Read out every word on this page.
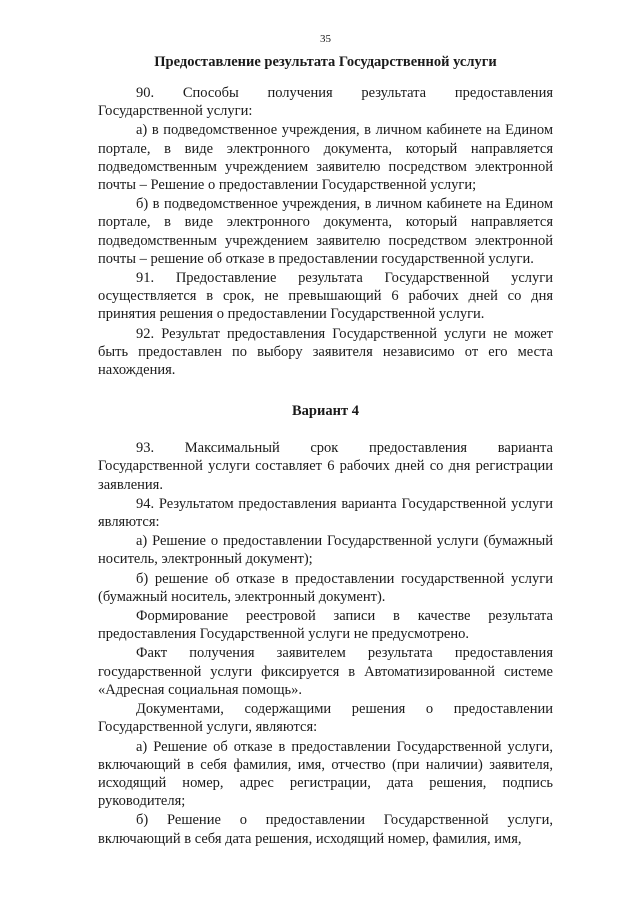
35
Предоставление результата Государственной услуги

90. Способы получения результата предоставления Государственной услуги:

а) в подведомственное учреждения, в личном кабинете на Едином портале, в виде электронного документа, который направляется подведомственным учреждением заявителю посредством электронной почты – Решение о предоставлении Государственной услуги;

б) в подведомственное учреждения, в личном кабинете на Едином портале, в виде электронного документа, который направляется подведомственным учреждением заявителю посредством электронной почты – решение об отказе в предоставлении государственной услуги.

91. Предоставление результата Государственной услуги осуществляется в срок, не превышающий 6 рабочих дней со дня принятия решения о предоставлении Государственной услуги.

92. Результат предоставления Государственной услуги не может быть предоставлен по выбору заявителя независимо от его места нахождения.

Вариант 4

93. Максимальный срок предоставления варианта Государственной услуги составляет 6 рабочих дней со дня регистрации заявления.

94. Результатом предоставления варианта Государственной услуги являются:

а) Решение о предоставлении Государственной услуги (бумажный носитель, электронный документ);

б) решение об отказе в предоставлении государственной услуги (бумажный носитель, электронный документ).

Формирование реестровой записи в качестве результата предоставления Государственной услуги не предусмотрено.

Факт получения заявителем результата предоставления государственной услуги фиксируется в Автоматизированной системе «Адресная социальная помощь».

Документами, содержащими решения о предоставлении Государственной услуги, являются:

а) Решение об отказе в предоставлении Государственной услуги, включающий в себя фамилия, имя, отчество (при наличии) заявителя, исходящий номер, адрес регистрации, дата решения, подпись руководителя;

б) Решение о предоставлении Государственной услуги, включающий в себя дата решения, исходящий номер, фамилия, имя,
